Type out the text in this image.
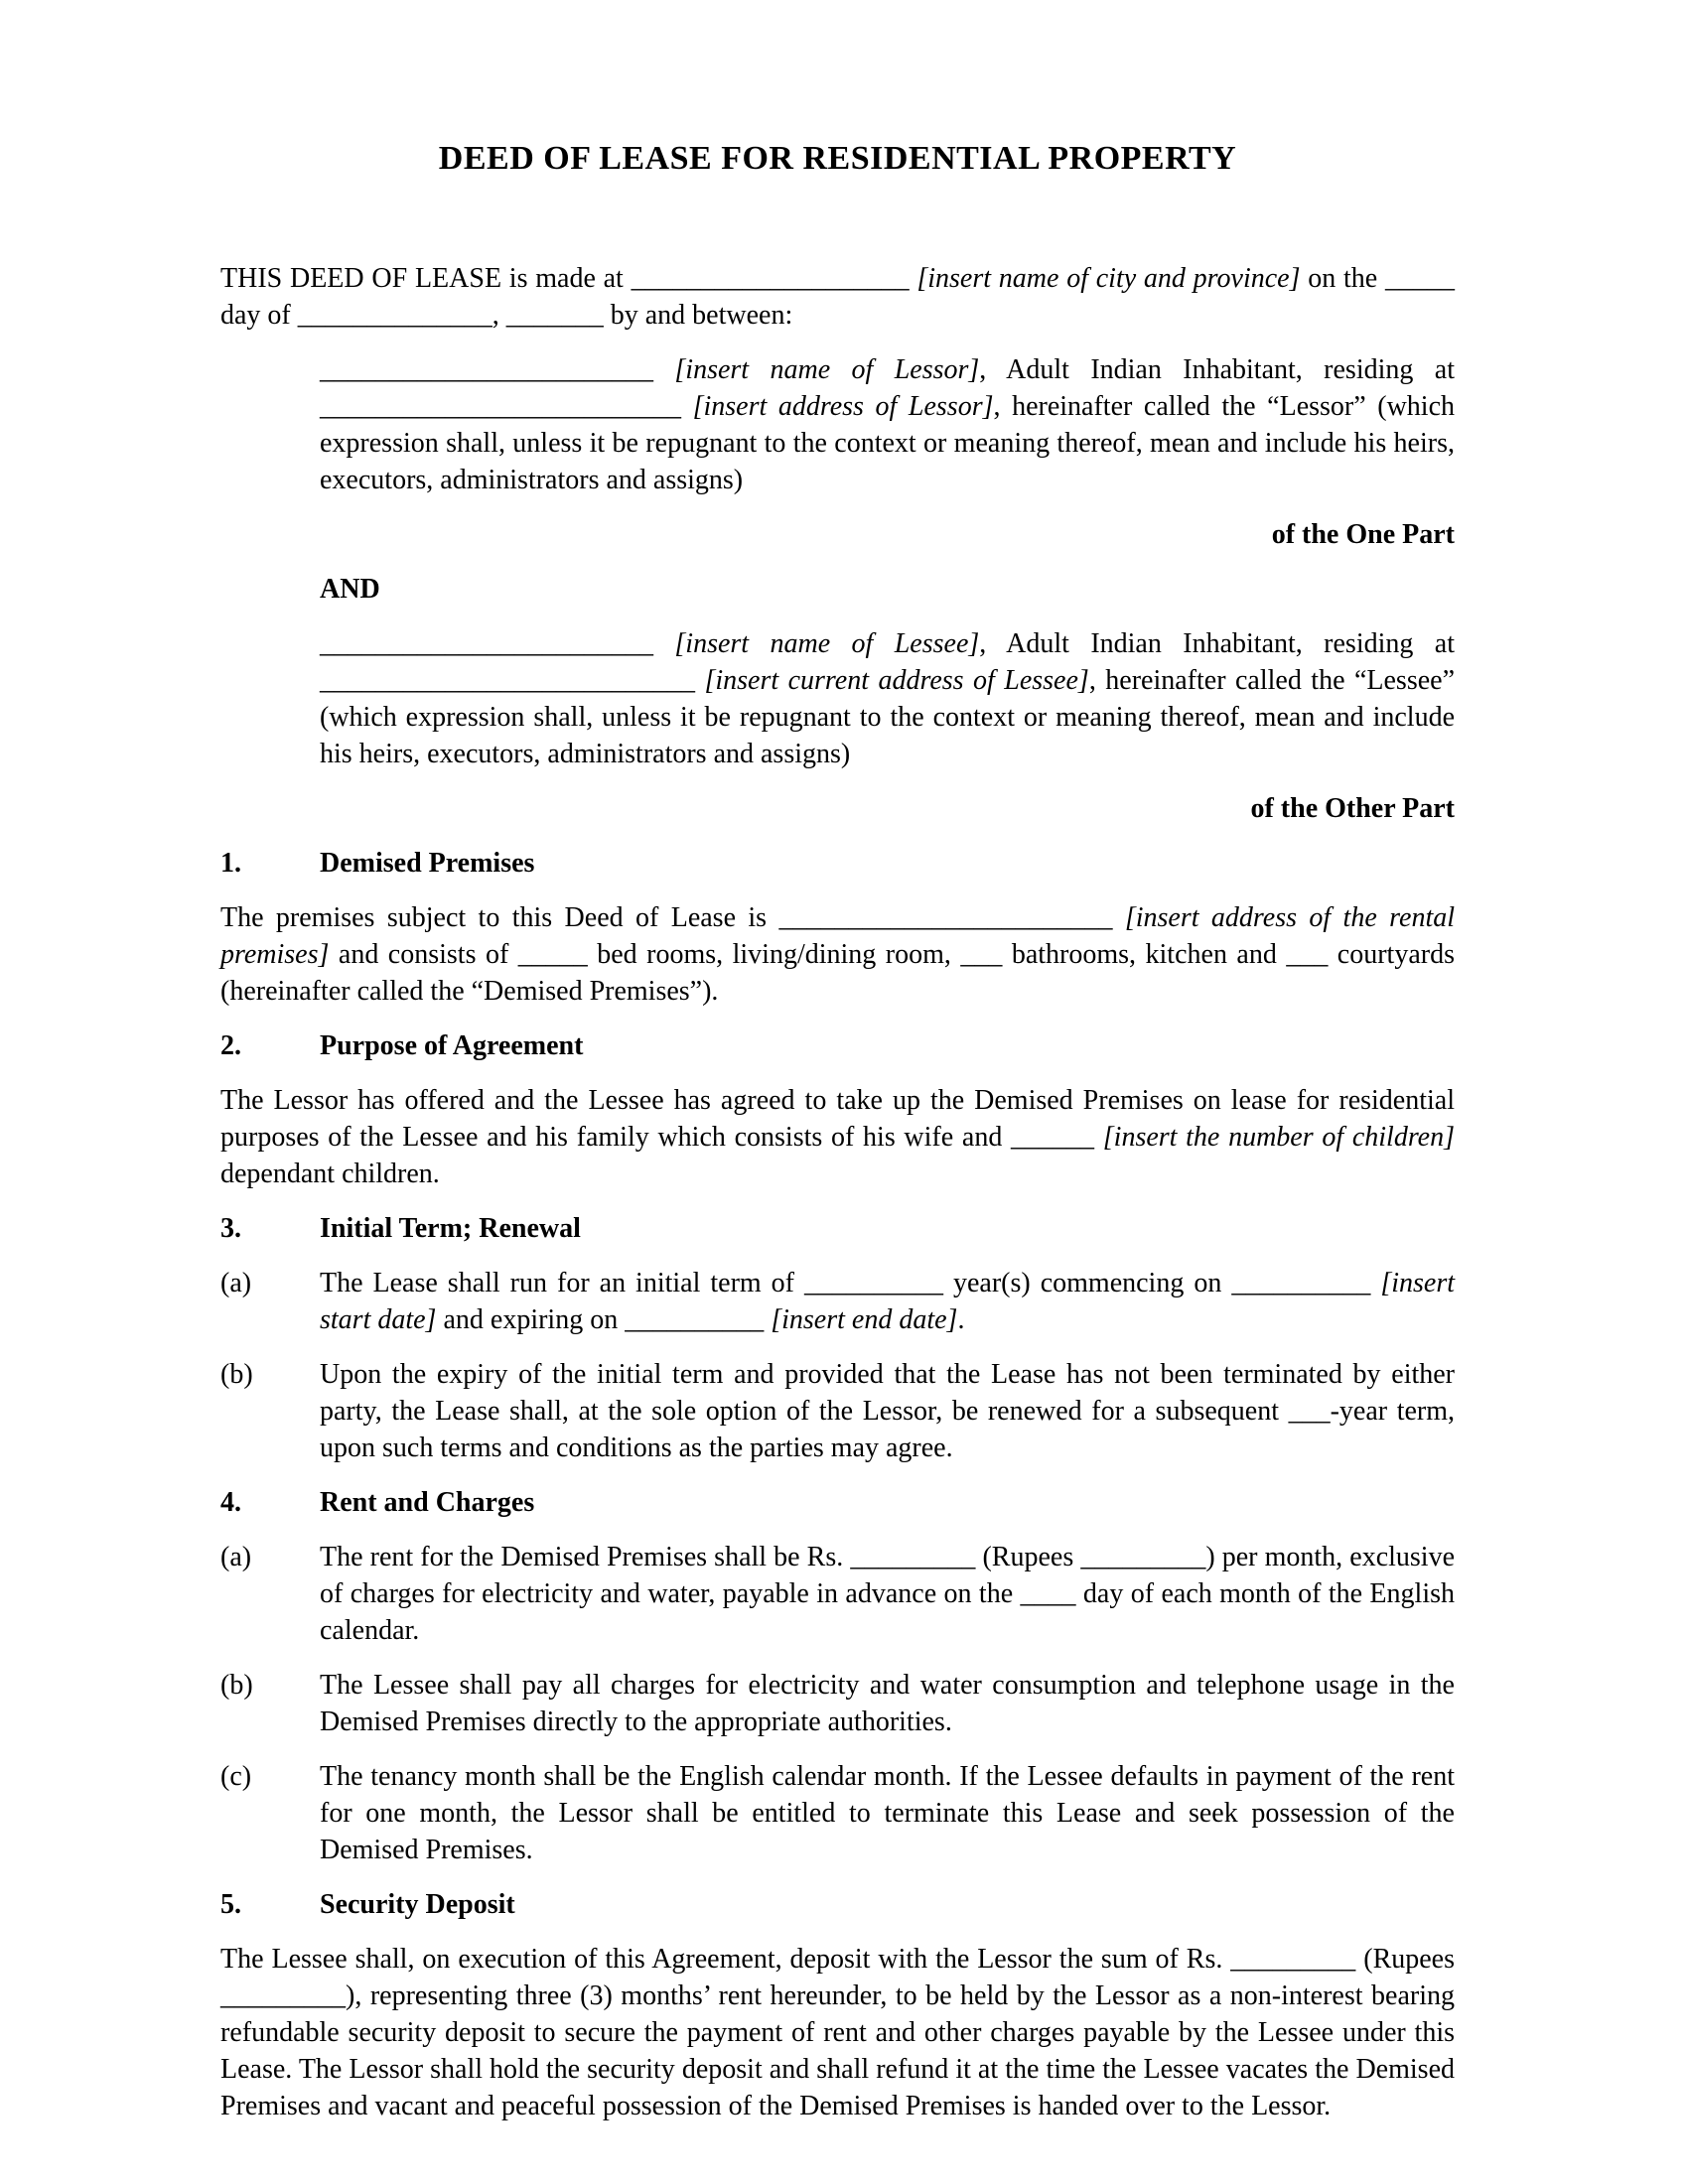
DEED OF LEASE FOR RESIDENTIAL PROPERTY

THIS DEED OF LEASE is made at ____________________ [insert name of city and province] on the _____ day of ______________, _______ by and between:

________________________ [insert name of Lessor], Adult Indian Inhabitant, residing at __________________________ [insert address of Lessor], hereinafter called the “Lessor” (which expression shall, unless it be repugnant to the context or meaning thereof, mean and include his heirs, executors, administrators and assigns)

of the One Part

AND

________________________ [insert name of Lessee], Adult Indian Inhabitant, residing at ___________________________ [insert current address of Lessee], hereinafter called the “Lessee” (which expression shall, unless it be repugnant to the context or meaning thereof, mean and include his heirs, executors, administrators and assigns)

of the Other Part

1.	Demised Premises

The premises subject to this Deed of Lease is ________________________ [insert address of the rental premises] and consists of _____ bed rooms, living/dining room, ___ bathrooms, kitchen and ___ courtyards (hereinafter called the “Demised Premises”).

2.	Purpose of Agreement

The Lessor has offered and the Lessee has agreed to take up the Demised Premises on lease for residential purposes of the Lessee and his family which consists of his wife and ______ [insert the number of children] dependant children.

3.	Initial Term; Renewal
(a)	The Lease shall run for an initial term of __________ year(s) commencing on __________ [insert start date] and expiring on __________ [insert end date].
(b)	Upon the expiry of the initial term and provided that the Lease has not been terminated by either party, the Lease shall, at the sole option of the Lessor, be renewed for a subsequent ___-year term, upon such terms and conditions as the parties may agree.
4.	Rent and Charges
(a)	The rent for the Demised Premises shall be Rs. _________ (Rupees _________) per month, exclusive of charges for electricity and water, payable in advance on the ____ day of each month of the English calendar.
(b)	The Lessee shall pay all charges for electricity and water consumption and telephone usage in the Demised Premises directly to the appropriate authorities.
(c)	The tenancy month shall be the English calendar month. If the Lessee defaults in payment of the rent for one month, the Lessor shall be entitled to terminate this Lease and seek possession of the Demised Premises.
5.	Security Deposit

The Lessee shall, on execution of this Agreement, deposit with the Lessor the sum of Rs. _________ (Rupees _________), representing three (3) months’ rent hereunder, to be held by the Lessor as a non-interest bearing refundable security deposit to secure the payment of rent and other charges payable by the Lessee under this Lease. The Lessor shall hold the security deposit and shall refund it at the time the Lessee vacates the Demised Premises and vacant and peaceful possession of the Demised Premises is handed over to the Lessor.
